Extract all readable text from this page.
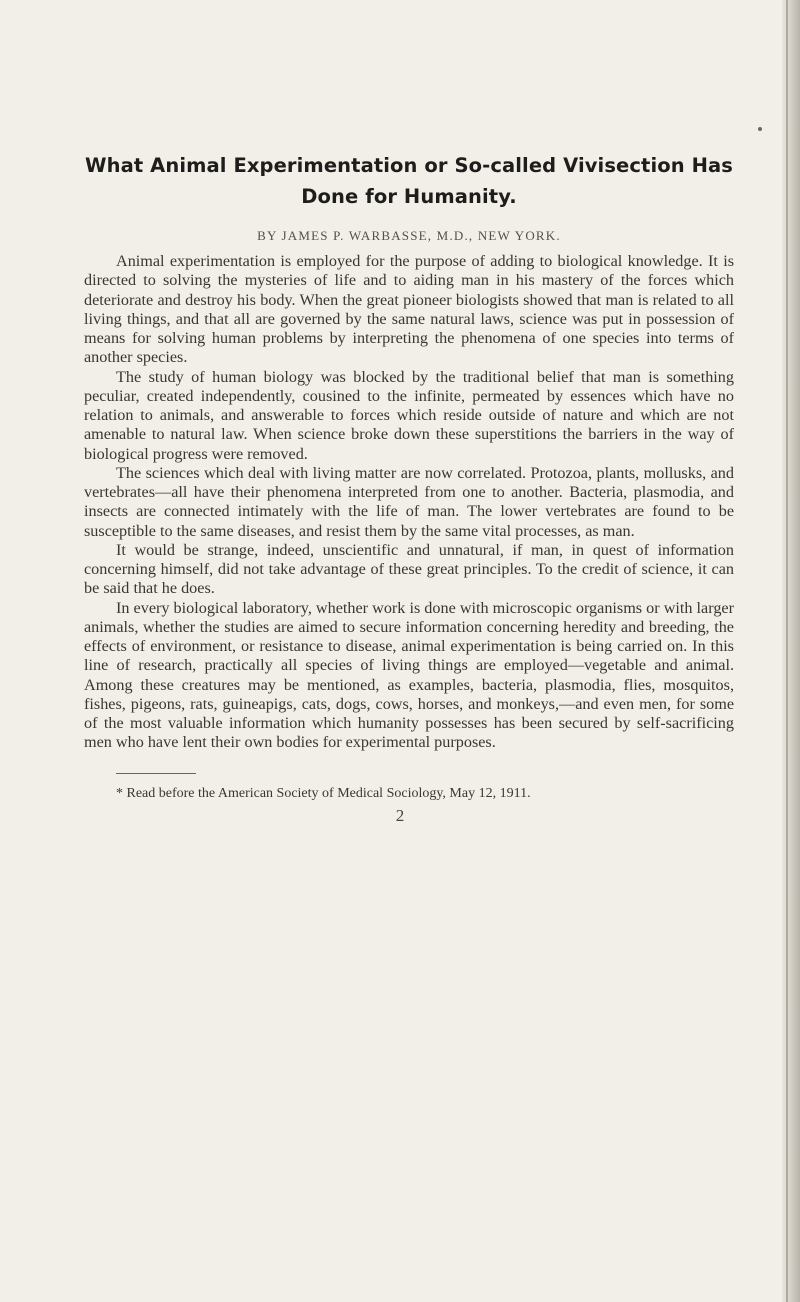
What Animal Experimentation or So-called Vivisection Has
Done for Humanity.
BY JAMES P. WARBASSE, M.D., NEW YORK.

Animal experimentation is employed for the purpose of adding to biological knowledge. It is directed to solving the mysteries of life and to aiding man in his mastery of the forces which deteriorate and destroy his body. When the great pioneer biologists showed that man is related to all living things, and that all are governed by the same natural laws, science was put in possession of means for solving human problems by interpreting the phenomena of one species into terms of another species.

The study of human biology was blocked by the traditional belief that man is something peculiar, created independently, cousined to the infinite, permeated by essences which have no relation to animals, and answerable to forces which reside outside of nature and which are not amenable to natural law. When science broke down these superstitions the barriers in the way of biological progress were removed.

The sciences which deal with living matter are now correlated. Protozoa, plants, mollusks, and vertebrates—all have their phenomena interpreted from one to another. Bacteria, plasmodia, and insects are connected intimately with the life of man. The lower vertebrates are found to be susceptible to the same diseases, and resist them by the same vital processes, as man.

It would be strange, indeed, unscientific and unnatural, if man, in quest of information concerning himself, did not take advantage of these great principles. To the credit of science, it can be said that he does.

In every biological laboratory, whether work is done with microscopic organisms or with larger animals, whether the studies are aimed to secure information concerning heredity and breeding, the effects of environment, or resistance to disease, animal experimentation is being carried on. In this line of research, practically all species of living things are employed—vegetable and animal. Among these creatures may be mentioned, as examples, bacteria, plasmodia, flies, mosquitos, fishes, pigeons, rats, guineapigs, cats, dogs, cows, horses, and monkeys,—and even men, for some of the most valuable information which humanity possesses has been secured by self-sacrificing men who have lent their own bodies for experimental purposes.

* Read before the American Society of Medical Sociology, May 12, 1911.

2
